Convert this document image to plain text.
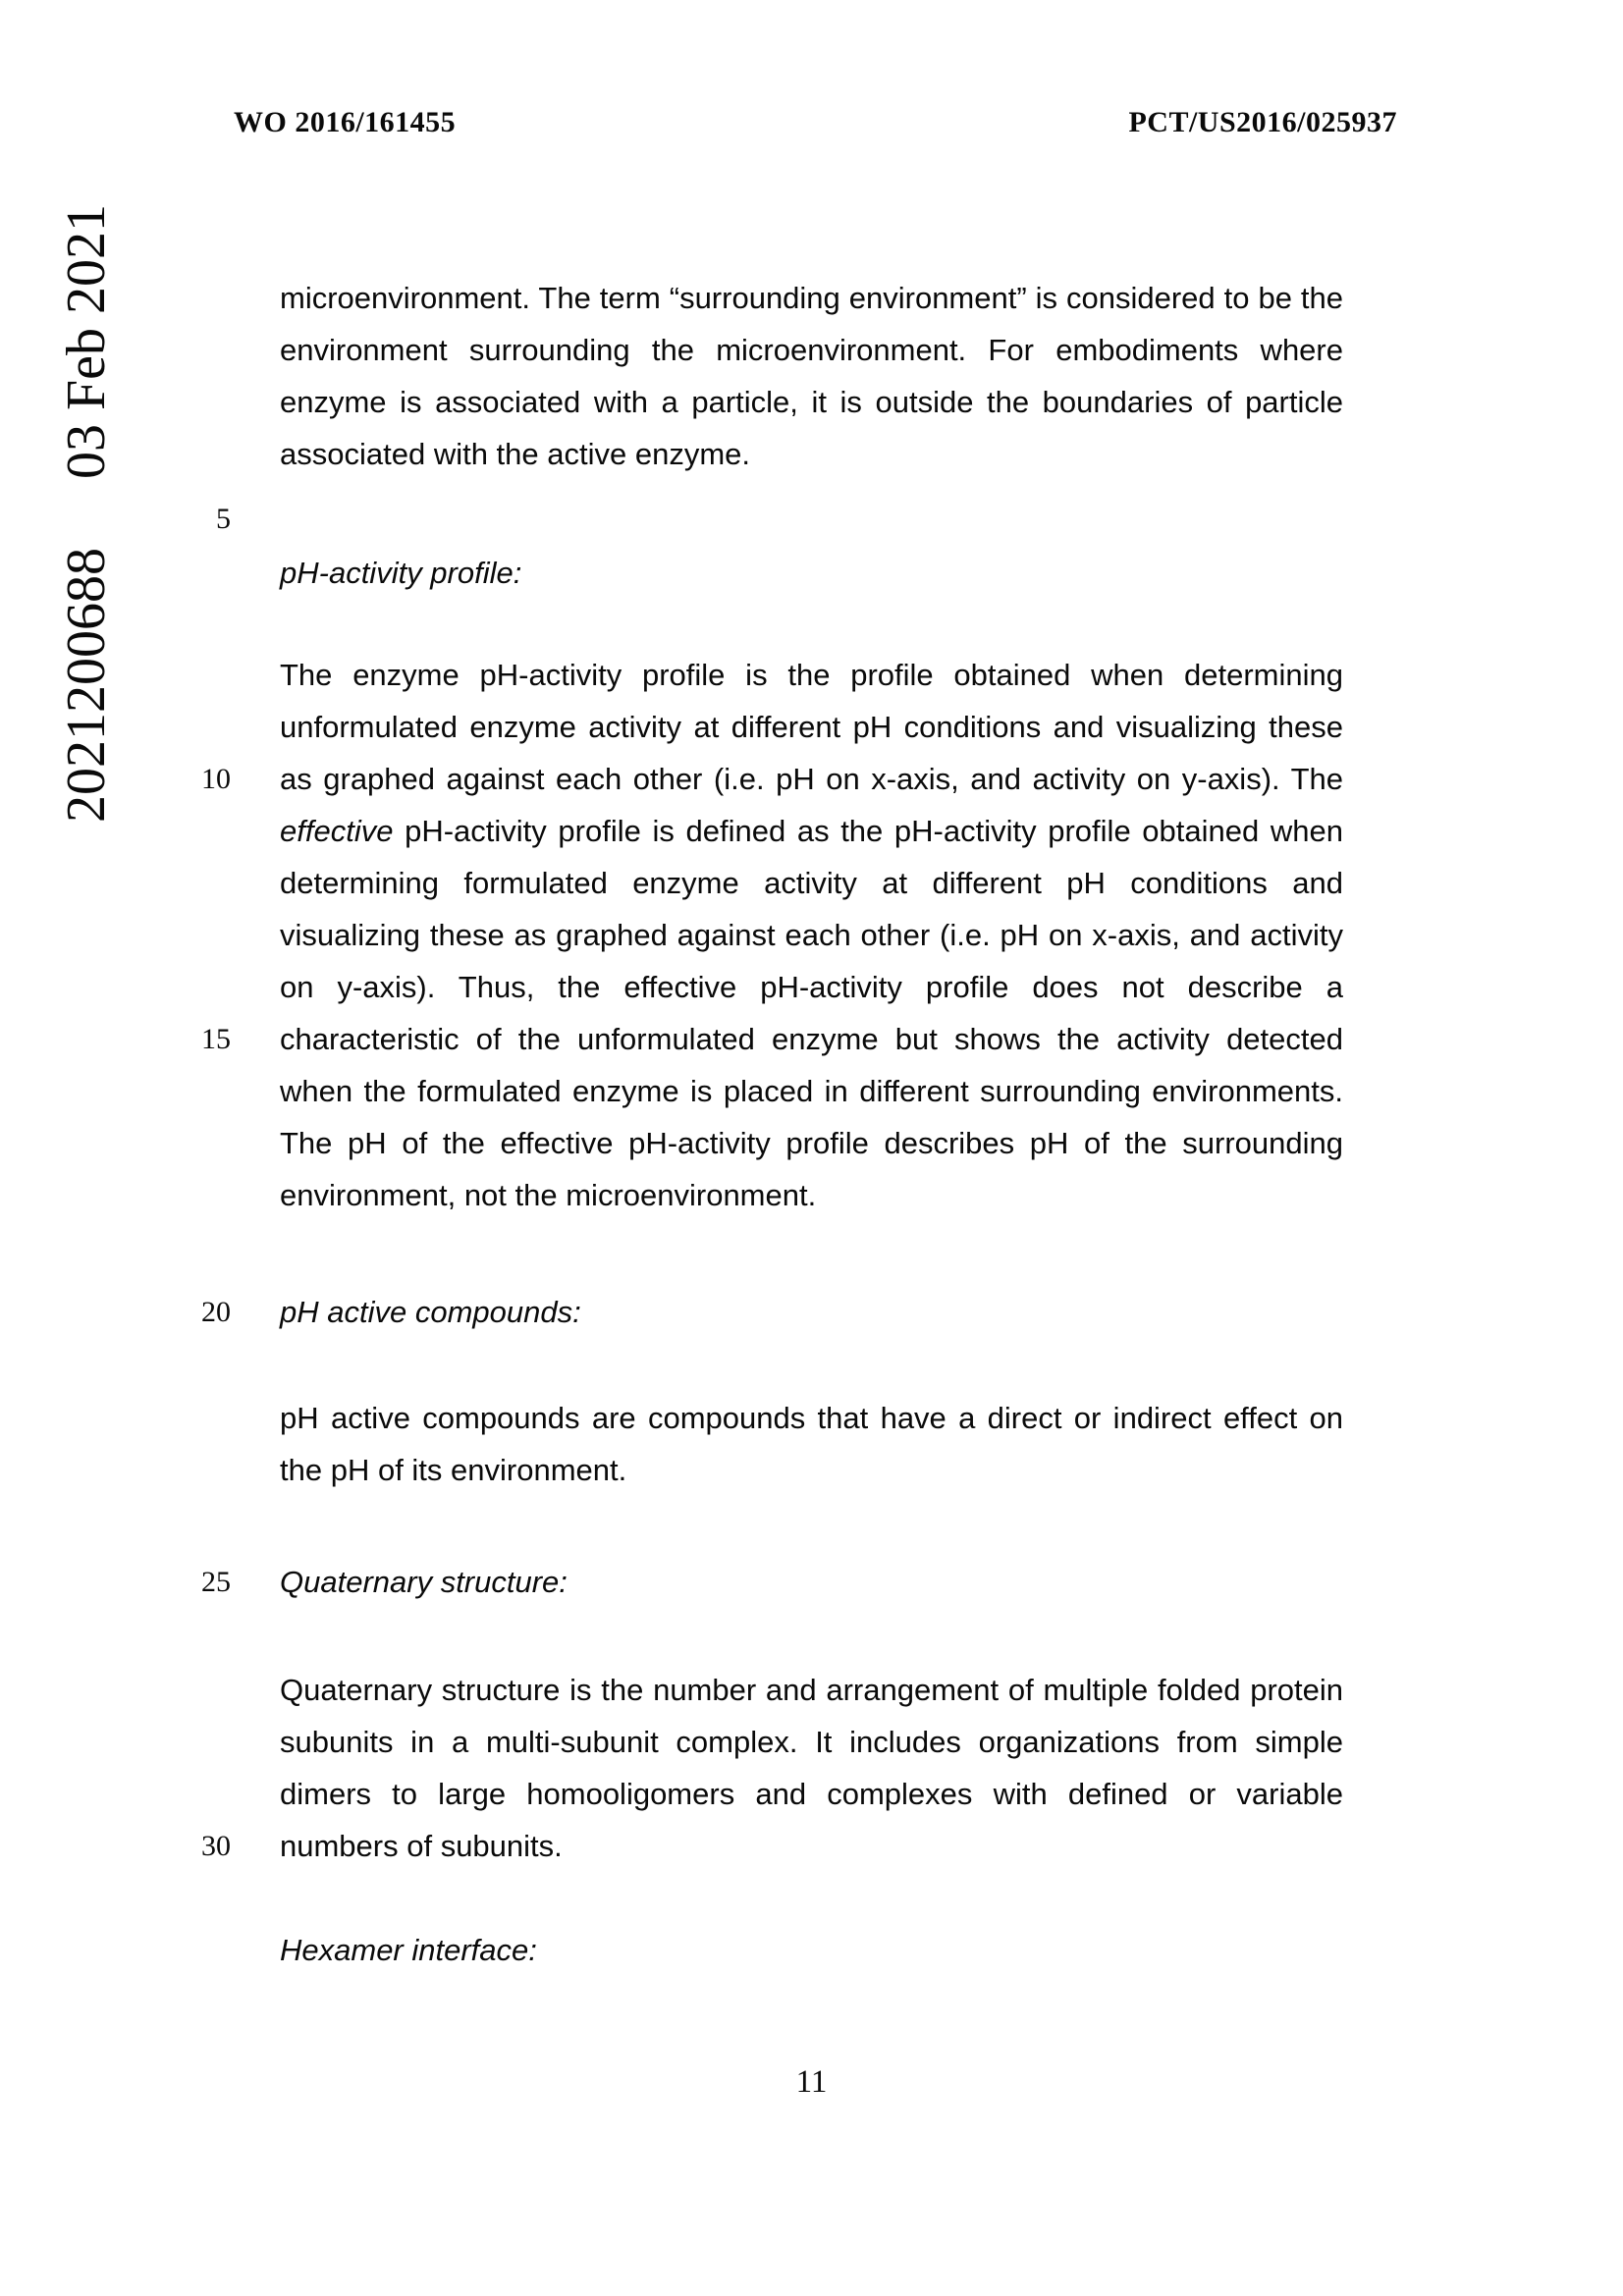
2021200688     03 Feb 2021
WO 2016/161455	PCT/US2016/025937
5
10
15
20
25
30

microenvironment. The term “surrounding environment” is considered to be the environment surrounding the microenvironment. For embodiments where enzyme is associated with a particle, it is outside the boundaries of particle associated with the active enzyme.

pH-activity profile:

The enzyme pH-activity profile is the profile obtained when determining unformulated enzyme activity at different pH conditions and visualizing these as graphed against each other (i.e. pH on x-axis, and activity on y-axis). The effective pH-activity profile is defined as the pH-activity profile obtained when determining formulated enzyme activity at different pH conditions and visualizing these as graphed against each other (i.e. pH on x-axis, and activity on y-axis). Thus, the effective pH-activity profile does not describe a characteristic of the unformulated enzyme but shows the activity detected when the formulated enzyme is placed in different surrounding environments. The pH of the effective pH-activity profile describes pH of the surrounding environment, not the microenvironment.

pH active compounds:

pH active compounds are compounds that have a direct or indirect effect on the pH of its environment.

Quaternary structure:

Quaternary structure is the number and arrangement of multiple folded protein subunits in a multi-subunit complex. It includes organizations from simple dimers to large homooligomers and complexes with defined or variable numbers of subunits.

Hexamer interface:

11
